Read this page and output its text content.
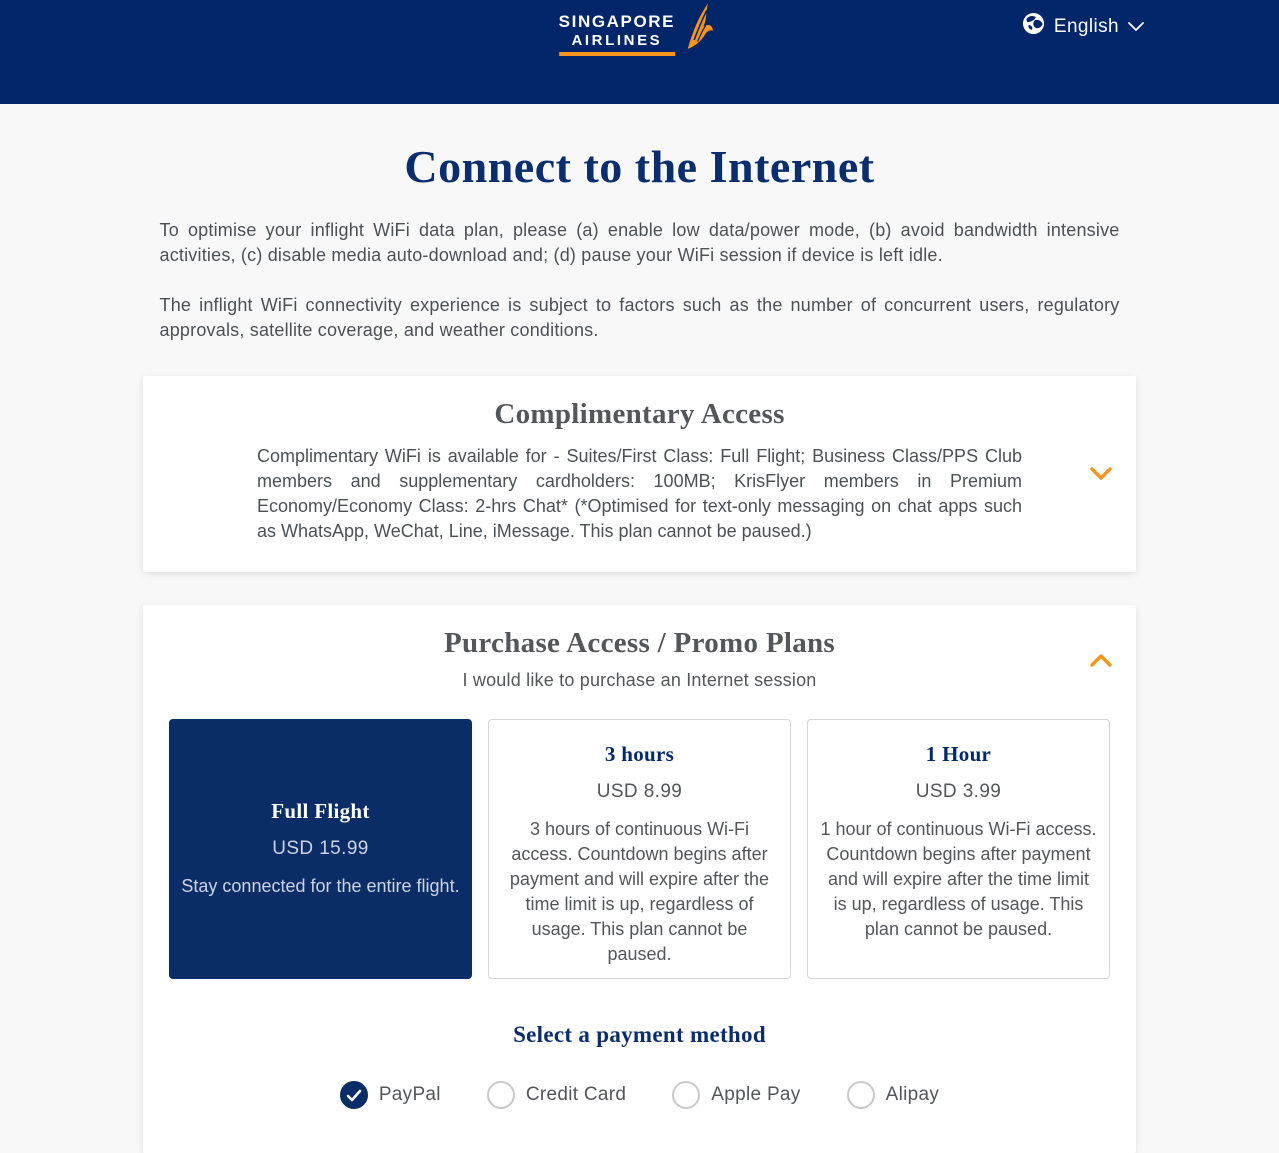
SINGAPORE
AIRLINES
English
Connect to the Internet

To optimise your inflight WiFi data plan, please (a) enable low data/power mode, (b) avoid bandwidth intensive activities, (c) disable media auto-download and; (d) pause your WiFi session if device is left idle.

The inflight WiFi connectivity experience is subject to factors such as the number of concurrent users, regulatory approvals, satellite coverage, and weather conditions.

Complimentary Access

Complimentary WiFi is available for - Suites/First Class: Full Flight; Business Class/PPS Club members and supplementary cardholders: 100MB; KrisFlyer members in Premium Economy/Economy Class: 2-hrs Chat* (*Optimised for text-only messaging on chat apps such as WhatsApp, WeChat, Line, iMessage. This plan cannot be paused.)

Purchase Access / Promo Plans

I would like to purchase an Internet session

Full Flight

USD 15.99

Stay connected for the entire flight.

3 hours

USD 8.99

3 hours of continuous Wi-Fi access. Countdown begins after payment and will expire after the time limit is up, regardless of usage. This plan cannot be paused.

1 Hour

USD 3.99

1 hour of continuous Wi-Fi access. Countdown begins after payment and will expire after the time limit is up, regardless of usage. This plan cannot be paused.

Select a payment method
PayPal	Credit Card	Apple Pay	Alipay
